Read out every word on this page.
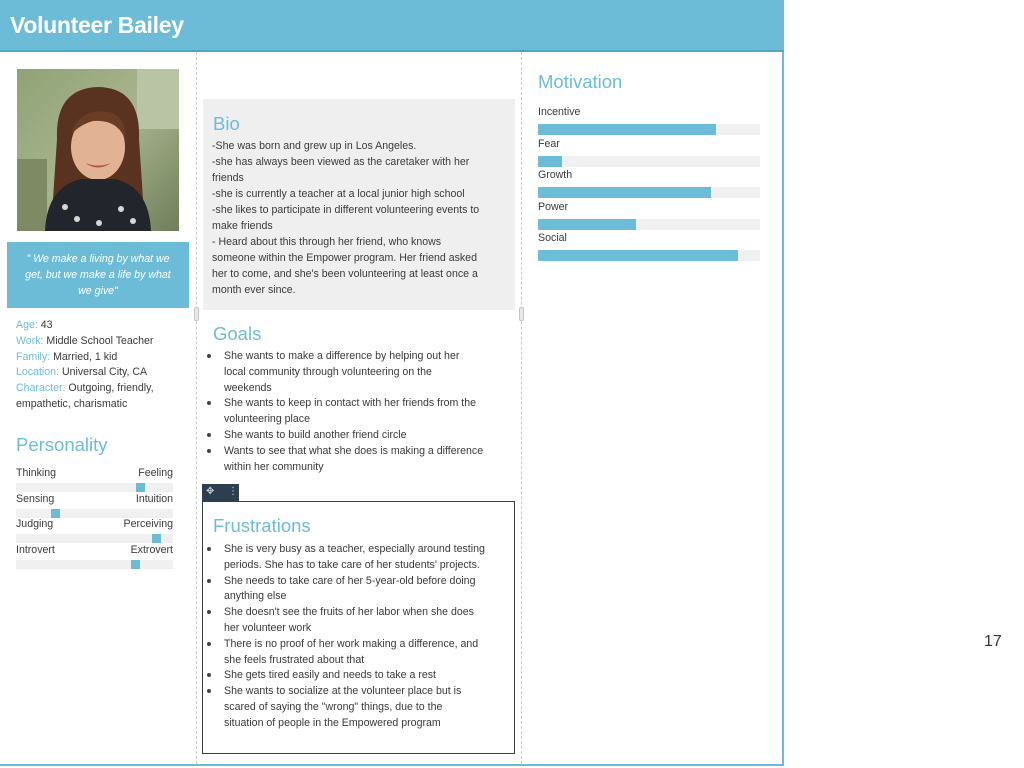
Volunteer Bailey
" We make a living by what we
get, but we make a life by what
we give"
Age: 43
Work: Middle School Teacher
Family: Married, 1 kid
Location: Universal City, CA
Character: Outgoing, friendly,
empathetic, charismatic
Personality
Thinking	Feeling
Sensing	Intuition
Judging	Perceiving
Introvert	Extrovert
Bio
-She was born and grew up in Los Angeles.
-she has always been viewed as the caretaker with her
friends
-she is currently a teacher at a local junior high school
-she likes to participate in different volunteering events to
make friends
- Heard about this through her friend, who knows
someone within the Empower program. Her friend asked
her to come, and she's been volunteering at least once a
month ever since.
Goals
She wants to make a difference by helping out her
local community through volunteering on the
weekends
She wants to keep in contact with her friends from the
volunteering place
She wants to build another friend circle
Wants to see that what she does is making a difference
within her community
✥ ⋮
Frustrations
She is very busy as a teacher, especially around testing
periods. She has to take care of her students' projects.
She needs to take care of her 5-year-old before doing
anything else
She doesn't see the fruits of her labor when she does
her volunteer work
There is no proof of her work making a difference, and
she feels frustrated about that
She gets tired easily and needs to take a rest
She wants to socialize at the volunteer place but is
scared of saying the "wrong" things, due to the
situation of people in the Empowered program
Motivation
Incentive
Fear
Growth
Power
Social
17
